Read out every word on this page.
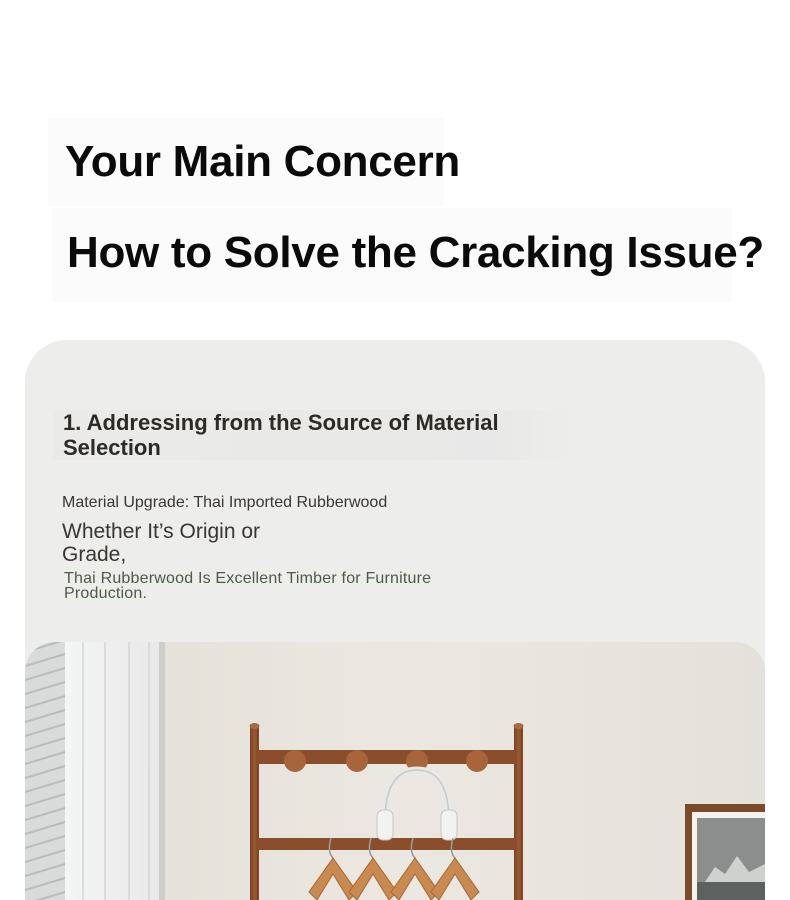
Your Main Concern
How to Solve the Cracking Issue?
1. Addressing from the Source of Material Selection
Material Upgrade: Thai Imported Rubberwood
Whether It’s Origin or Grade,
Thai Rubberwood Is Excellent Timber for Furniture Production.
